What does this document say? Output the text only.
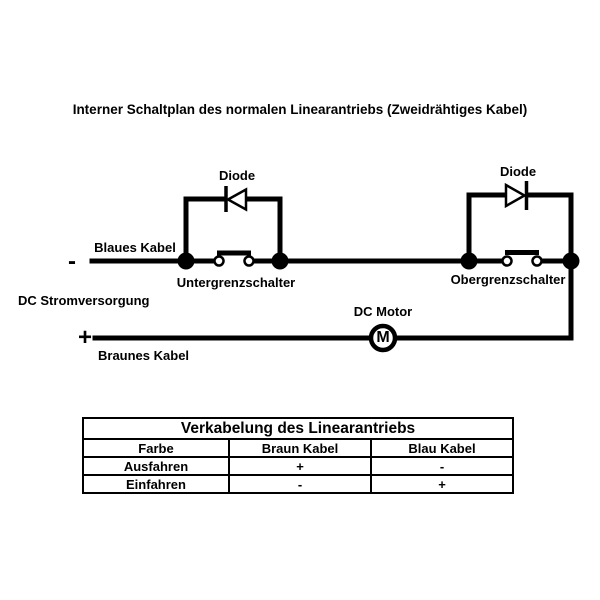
Interner Schaltplan des normalen Linearantriebs (Zweidrähtiges Kabel)
Diode	Diode
Blaues Kabel
-
Untergrenzschalter	Obergrenzschalter
DC Stromversorgung
+
Braunes Kabel
DC Motor
M
Verkabelung des Linearantriebs		
Farbe	Braun Kabel	Blau Kabel
Ausfahren	+	-
Einfahren	-	+
